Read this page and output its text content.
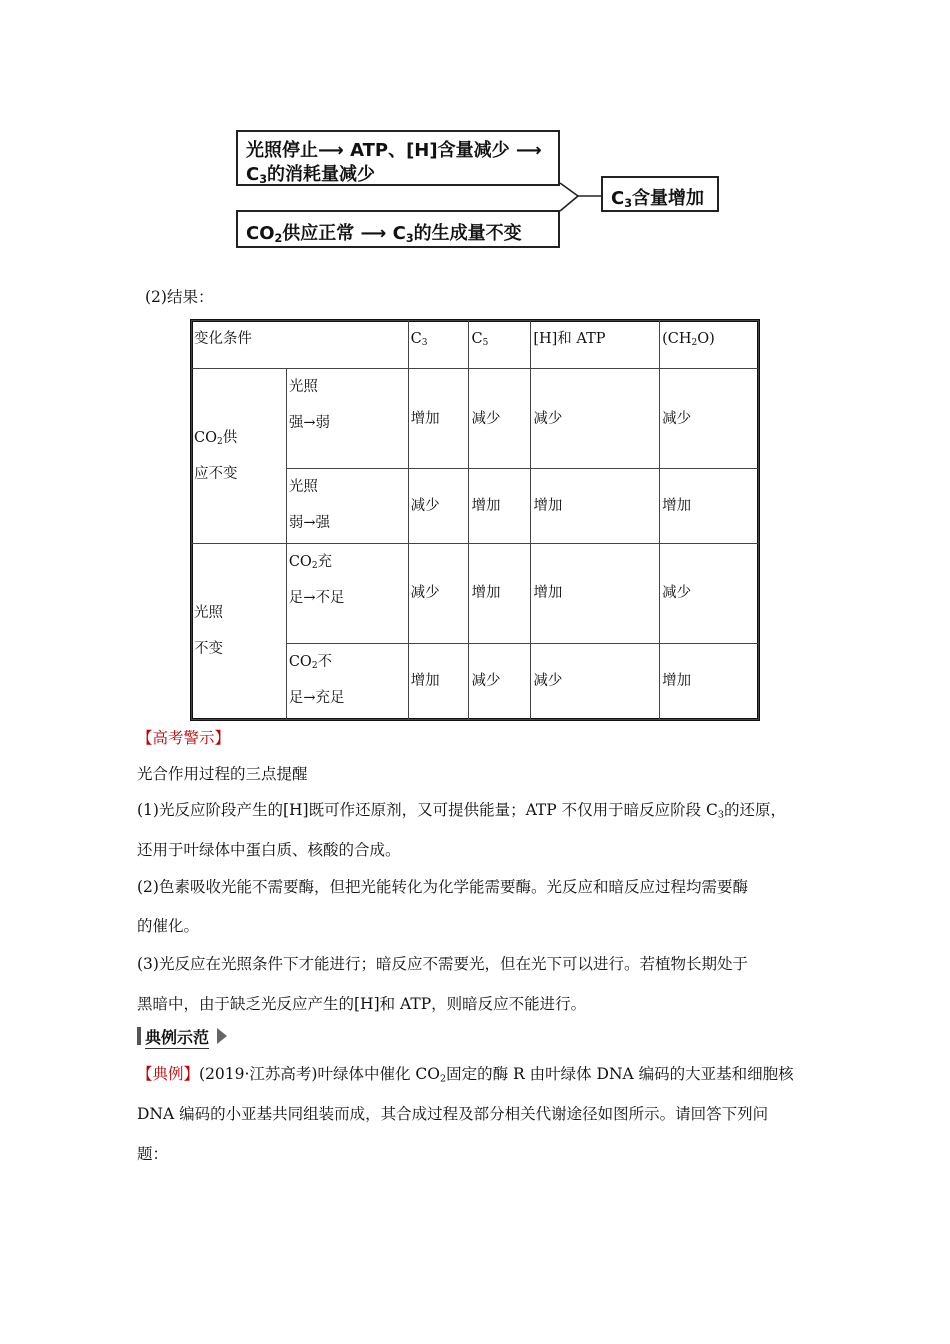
光照停止⟶ ATP、[H]含量减少 ⟶
$C_3$的消耗量减少
$CO_2$供应正常 ⟶ $C_3$的生成量不变
$C_3$含量增加
(2)结果：
变化条件		$C_3$	$C_5$	[H]和 ATP	$(CH_2O)$

$CO_2$供
应不变	光照
强→弱	增加	减少	减少	减少

	光照
弱→强	减少	增加	增加	增加

光照
不变	$CO_2$充
足→不足	减少	增加	增加	减少

	$CO_2$不
足→充足	增加	减少	减少	增加
【高考警示】
光合作用过程的三点提醒
(1)光反应阶段产生的[H]既可作还原剂，又可提供能量；ATP 不仅用于暗反应阶段 $C_3$的还原，
还用于叶绿体中蛋白质、核酸的合成。
(2)色素吸收光能不需要酶，但把光能转化为化学能需要酶。光反应和暗反应过程均需要酶
的催化。
(3)光反应在光照条件下才能进行；暗反应不需要光，但在光下可以进行。若植物长期处于
黑暗中，由于缺乏光反应产生的[H]和 ATP，则暗反应不能进行。
典例示范
【典例】(2019·江苏高考)叶绿体中催化 $CO_2$固定的酶 R 由叶绿体 DNA 编码的大亚基和细胞核
DNA 编码的小亚基共同组装而成，其合成过程及部分相关代谢途径如图所示。请回答下列问
题：
